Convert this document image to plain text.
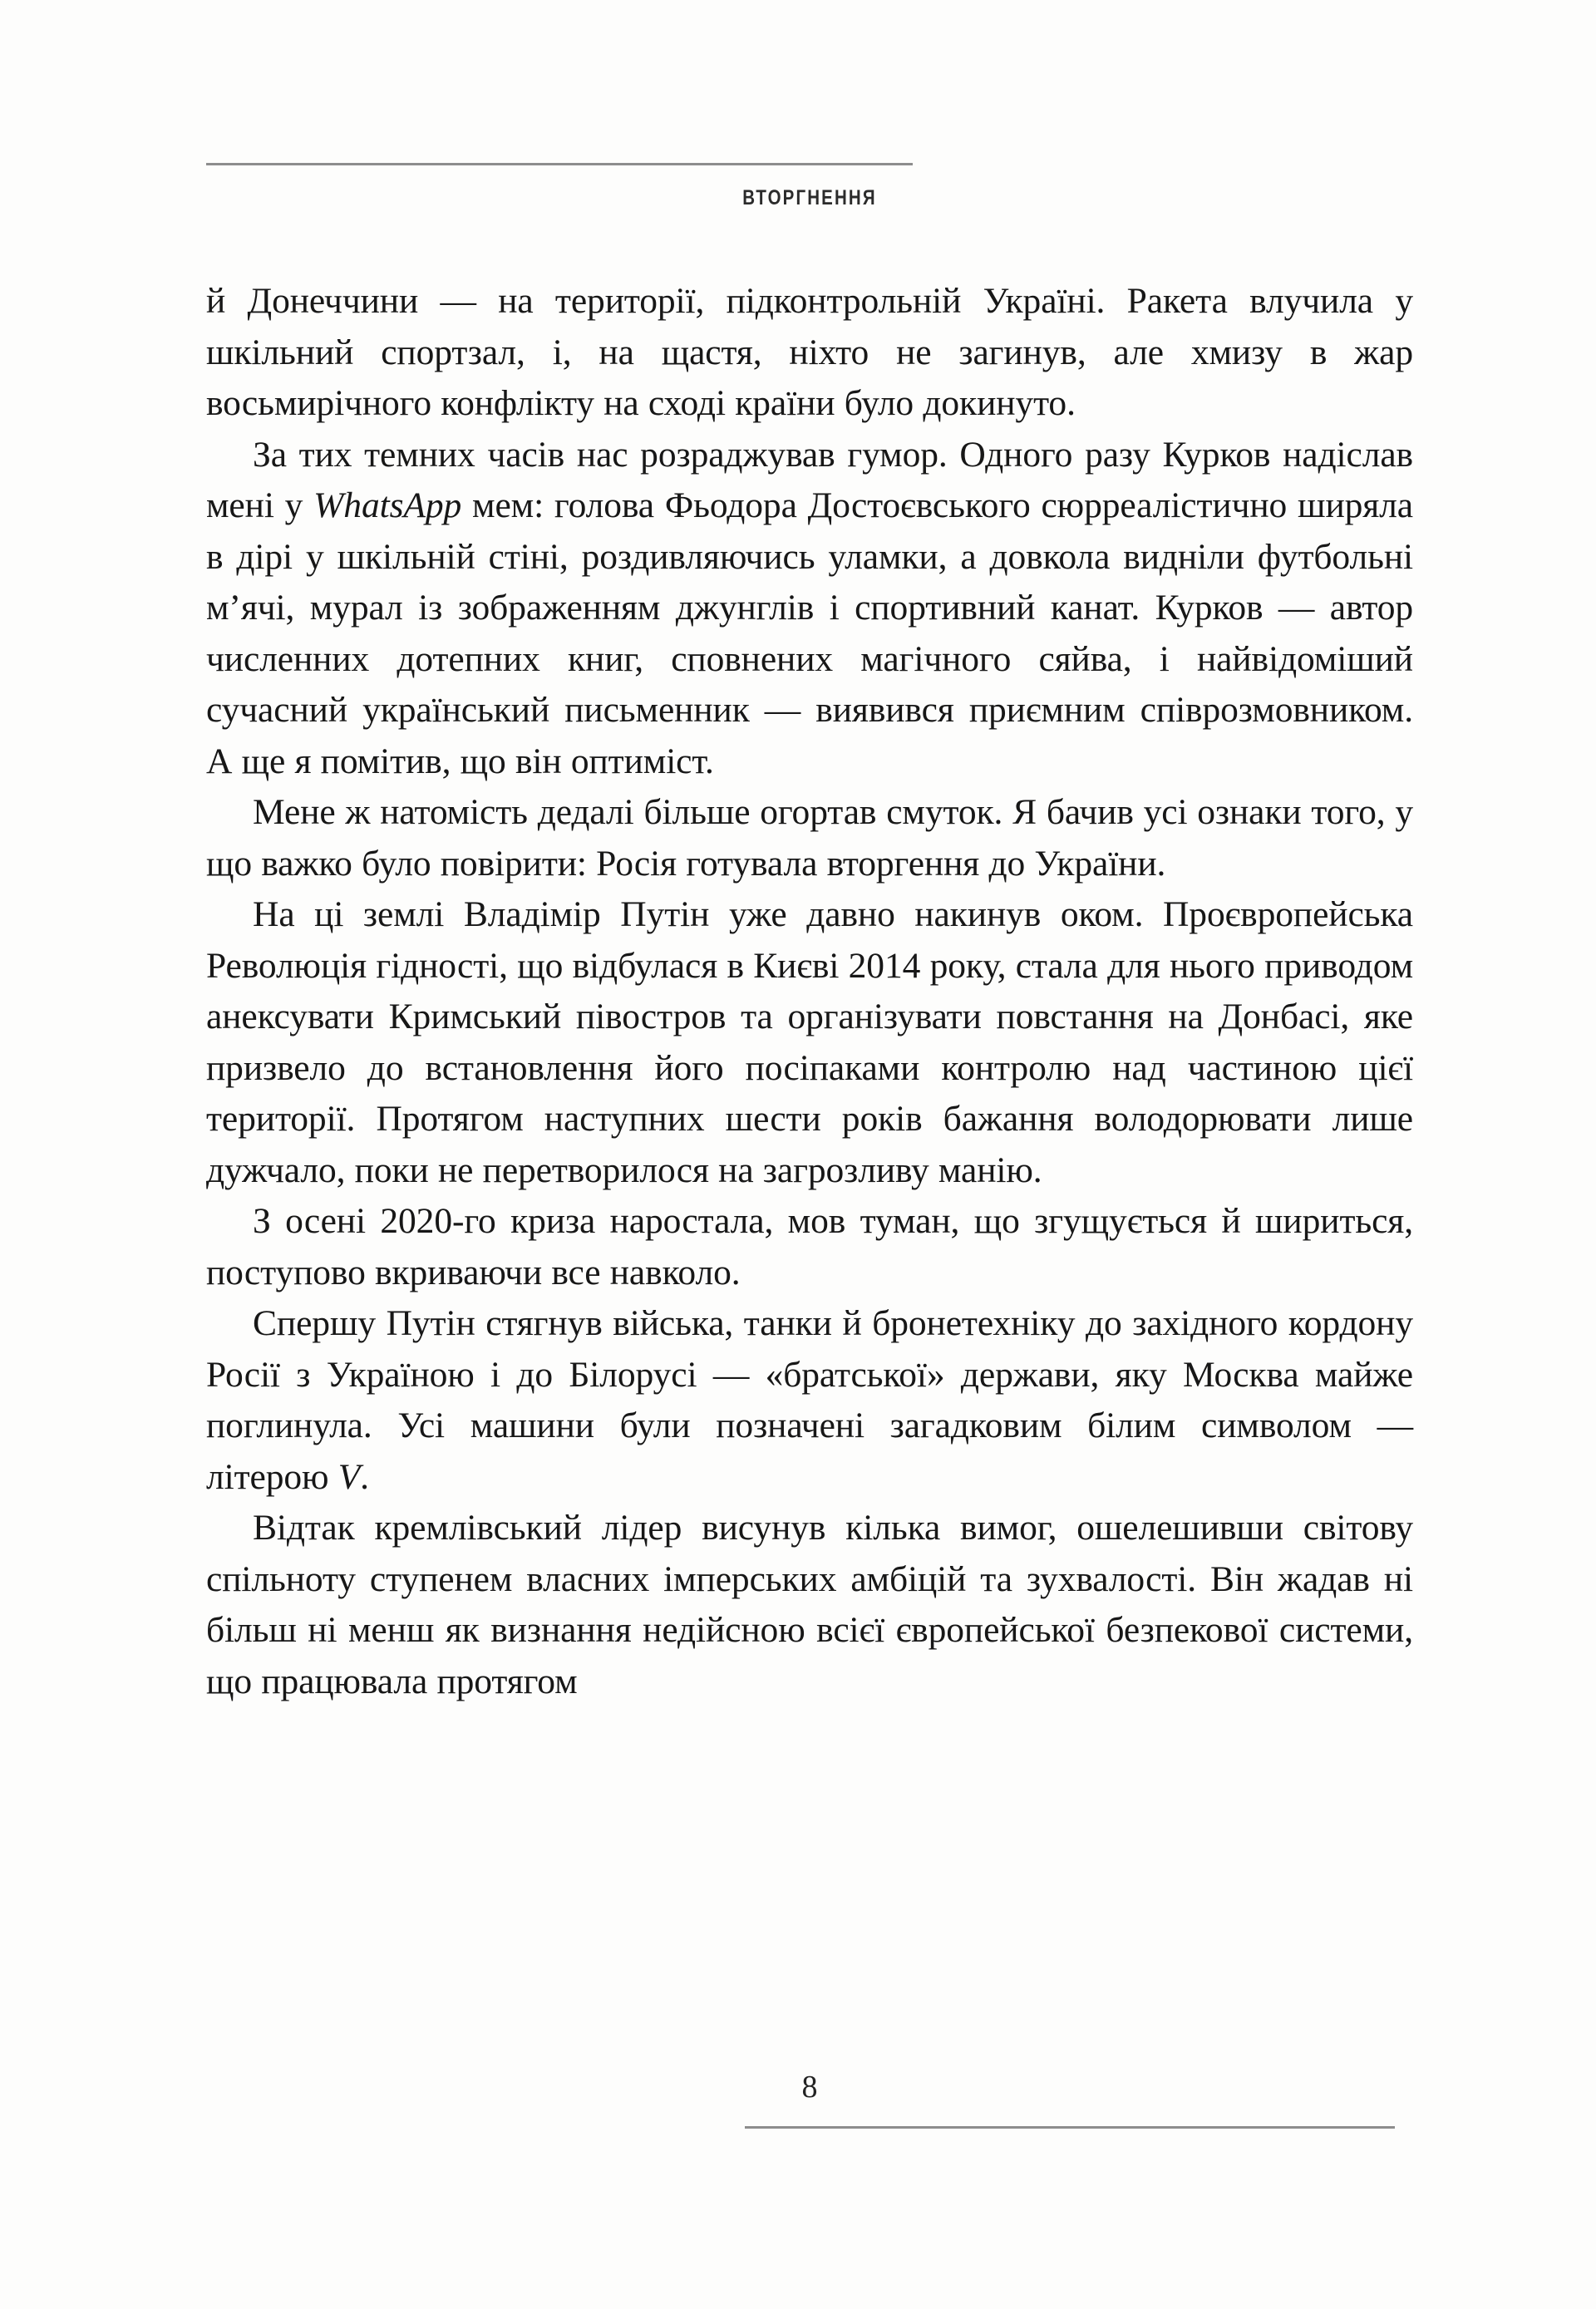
ВТОРГНЕННЯ

й Донеччини — на території, підконтрольній Україні. Ракета влучила у шкільний спортзал, і, на щастя, ніхто не загинув, але хмизу в жар восьмирічного конфлікту на сході країни було докинуто.

За тих темних часів нас розраджував гумор. Одного разу Курков надіслав мені у WhatsApp мем: голова Фьодора Достоєвського сюрреалістично ширяла в дірі у шкільній стіні, роздивляючись уламки, а довкола видніли футбольні м’ячі, мурал із зображенням джунглів і спортивний канат. Курков — автор численних дотепних книг, сповнених магічного сяйва, і найвідоміший сучасний український письменник — виявився приємним співрозмовником. А ще я помітив, що він оптиміст.

Мене ж натомість дедалі більше огортав смуток. Я бачив усі ознаки того, у що важко було повірити: Росія готувала вторгення до України.

На ці землі Владімір Путін уже давно накинув оком. Проєвропейська Революція гідності, що відбулася в Києві 2014 року, стала для нього приводом анексувати Кримський півостров та організувати повстання на Донбасі, яке призвело до встановлення його посіпаками контролю над частиною цієї території. Протягом наступних шести років бажання володорювати лише дужчало, поки не перетворилося на загрозливу манію.

З осені 2020-го криза наростала, мов туман, що згущується й шириться, поступово вкриваючи все навколо.

Спершу Путін стягнув війська, танки й бронетехніку до західного кордону Росії з Україною і до Білорусі — «братської» держави, яку Москва майже поглинула. Усі машини були позначені загадковим білим символом — літерою V.

Відтак кремлівський лідер висунув кілька вимог, ошелешивши світову спільноту ступенем власних імперських амбіцій та зухвалості. Він жадав ні більш ні менш як визнання недійсною всієї європейської безпекової системи, що працювала протягом

8
